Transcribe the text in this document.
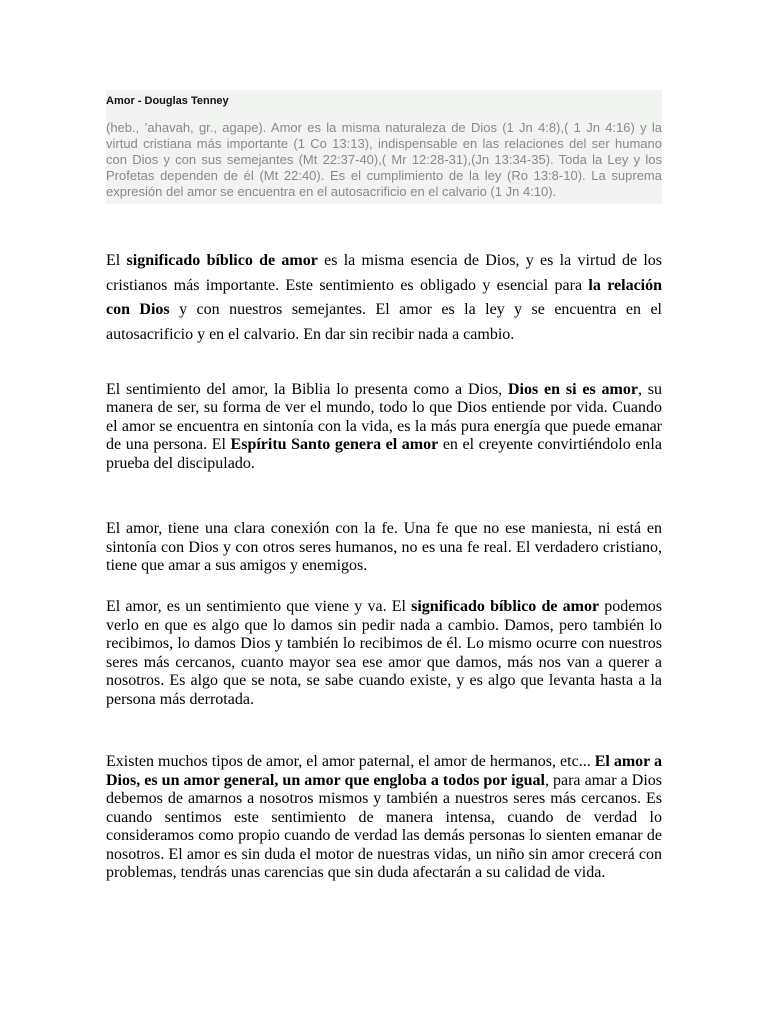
Amor - Douglas Tenney
(heb., ’ahavah, gr., agape). Amor es la misma naturaleza de Dios (1 Jn 4:8),( 1 Jn 4:16) y la virtud cristiana más importante (1 Co 13:13), indispensable en las relaciones del ser humano con Dios y con sus semejantes (Mt 22:37-40),( Mr 12:28-31),(Jn 13:34-35). Toda la Ley y los Profetas dependen de él (Mt 22:40). Es el cumplimiento de la ley (Ro 13:8-10). La suprema expresión del amor se encuentra en el autosacrificio en el calvario (1 Jn 4:10).
El significado bíblico de amor es la misma esencia de Dios, y es la virtud de los cristianos más importante. Este sentimiento es obligado y esencial para la relación con Dios y con nuestros semejantes. El amor es la ley y se encuentra en el autosacrificio y en el calvario. En dar sin recibir nada a cambio.
El sentimiento del amor, la Biblia lo presenta como a Dios, Dios en si es amor, su manera de ser, su forma de ver el mundo, todo lo que Dios entiende por vida. Cuando el amor se encuentra en sintonía con la vida, es la más pura energía que puede emanar de una persona. El Espíritu Santo genera el amor en el creyente convirtiéndolo enla prueba del discipulado.
El amor, tiene una clara conexión con la fe. Una fe que no ese maniesta, ni está en sintonía con Dios y con otros seres humanos, no es una fe real. El verdadero cristiano, tiene que amar a sus amigos y enemigos.
El amor, es un sentimiento que viene y va. El significado bíblico de amor podemos verlo en que es algo que lo damos sin pedir nada a cambio. Damos, pero también lo recibimos, lo damos Dios y también lo recibimos de él. Lo mismo ocurre con nuestros seres más cercanos, cuanto mayor sea ese amor que damos, más nos van a querer a nosotros. Es algo que se nota, se sabe cuando existe, y es algo que levanta hasta a la persona más derrotada.
Existen muchos tipos de amor, el amor paternal, el amor de hermanos, etc... El amor a Dios, es un amor general, un amor que engloba a todos por igual, para amar a Dios debemos de amarnos a nosotros mismos y también a nuestros seres más cercanos. Es cuando sentimos este sentimiento de manera intensa, cuando de verdad lo consideramos como propio cuando de verdad las demás personas lo sienten emanar de nosotros. El amor es sin duda el motor de nuestras vidas, un niño sin amor crecerá con problemas, tendrás unas carencias que sin duda afectarán a su calidad de vida.
